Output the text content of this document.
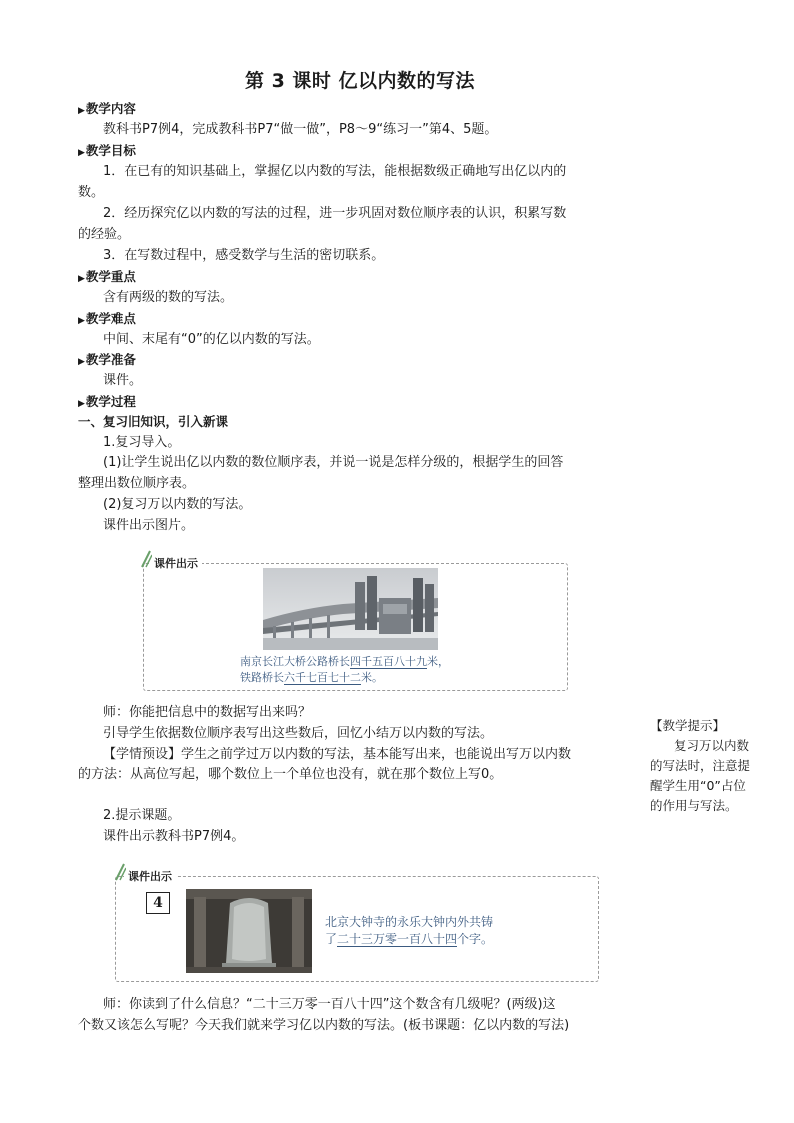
第 3 课时 亿以内数的写法
▶教学内容
教科书P7例4，完成教科书P7“做一做”，P8～9“练习一”第4、5题。
▶教学目标
1．在已有的知识基础上，掌握亿以内数的写法，能根据数级正确地写出亿以内的
数。
2．经历探究亿以内数的写法的过程，进一步巩固对数位顺序表的认识，积累写数
的经验。
3．在写数过程中，感受数学与生活的密切联系。
▶教学重点
含有两级的数的写法。
▶教学难点
中间、末尾有“0”的亿以内数的写法。
▶教学准备
课件。
▶教学过程
一、复习旧知识，引入新课
1.复习导入。
(1)让学生说出亿以内数的数位顺序表，并说一说是怎样分级的，根据学生的回答
整理出数位顺序表。
(2)复习万以内数的写法。
课件出示图片。
课件出示
南京长江大桥公路桥长四千五百八十九米，
铁路桥长六千七百七十二米。
师：你能把信息中的数据写出来吗？
引导学生依据数位顺序表写出这些数后，回忆小结万以内数的写法。
【学情预设】学生之前学过万以内数的写法，基本能写出来，也能说出写万以内数
的方法：从高位写起，哪个数位上一个单位也没有，就在那个数位上写0。
【教学提示】
复习万以内数
的写法时，注意提
醒学生用“0”占位
的作用与写法。
2.提示课题。
课件出示教科书P7例4。
课件出示
4
北京大钟寺的永乐大钟内外共铸
了二十三万零一百八十四个字。
师：你读到了什么信息？“二十三万零一百八十四”这个数含有几级呢？(两级)这
个数又该怎么写呢？今天我们就来学习亿以内数的写法。(板书课题：亿以内数的写法)
